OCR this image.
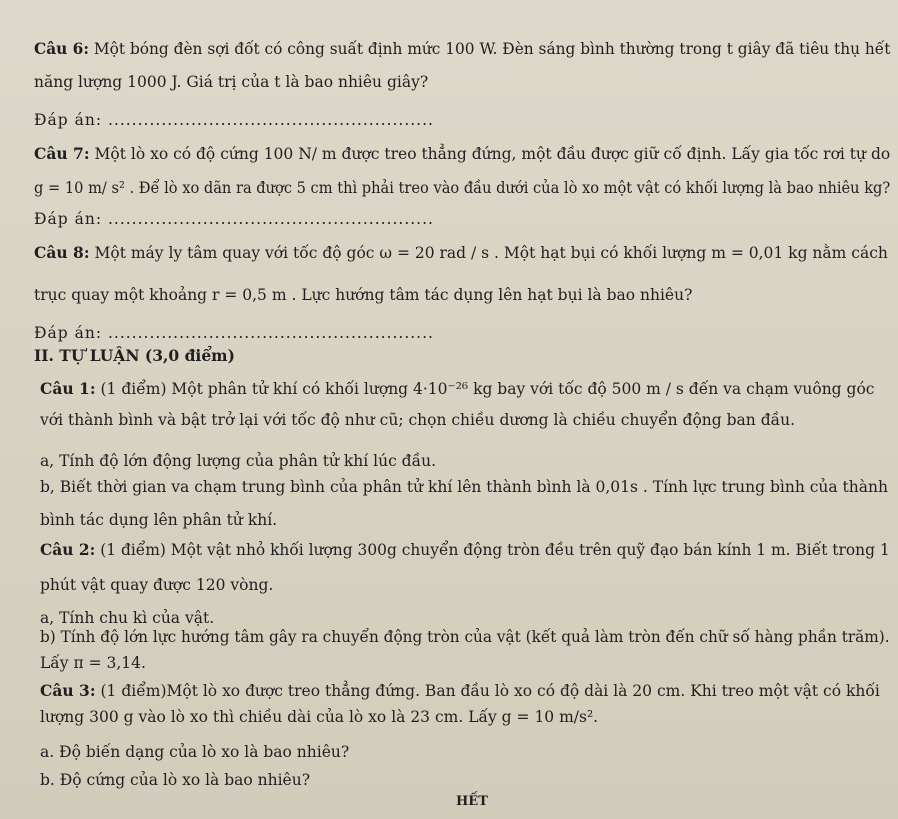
Câu 6: Một bóng đèn sợi đốt có công suất định mức 100 W. Đèn sáng bình thường trong t giây đã tiêu thụ hết
năng lượng 1000 J. Giá trị của t là bao nhiêu giây?
Đáp án: .......................................................
Câu 7: Một lò xo có độ cứng 100 N/ m được treo thẳng đứng, một đầu được giữ cố định. Lấy gia tốc rơi tự do
g = 10 m/ s² . Để lò xo dãn ra được 5 cm thì phải treo vào đầu dưới của lò xo một vật có khối lượng là bao nhiêu kg?
Đáp án: .......................................................
Câu 8: Một máy ly tâm quay với tốc độ góc ω = 20 rad / s . Một hạt bụi có khối lượng m = 0,01 kg nằm cách
trục quay một khoảng r = 0,5 m . Lực hướng tâm tác dụng lên hạt bụi là bao nhiêu?
Đáp án: .......................................................
II. TỰ LUẬN (3,0 điểm)
Câu 1: (1 điểm) Một phân tử khí có khối lượng 4·10⁻²⁶ kg bay với tốc độ 500 m / s đến va chạm vuông góc
với thành bình và bật trở lại với tốc độ như cũ; chọn chiều dương là chiều chuyển động ban đầu.
a, Tính độ lớn động lượng của phân tử khí lúc đầu.
b, Biết thời gian va chạm trung bình của phân tử khí lên thành bình là 0,01s . Tính lực trung bình của thành
bình tác dụng lên phân tử khí.
Câu 2: (1 điểm) Một vật nhỏ khối lượng 300g chuyển động tròn đều trên quỹ đạo bán kính 1 m. Biết trong 1
phút vật quay được 120 vòng.
a, Tính chu kì của vật.
b) Tính độ lớn lực hướng tâm gây ra chuyển động tròn của vật (kết quả làm tròn đến chữ số hàng phần trăm).
Lấy π = 3,14.
Câu 3: (1 điểm)Một lò xo được treo thẳng đứng. Ban đầu lò xo có độ dài là 20 cm. Khi treo một vật có khối
lượng 300 g vào lò xo thì chiều dài của lò xo là 23 cm. Lấy g = 10 m/s².
a. Độ biến dạng của lò xo là bao nhiêu?
b. Độ cứng của lò xo là bao nhiêu?
HẾT
